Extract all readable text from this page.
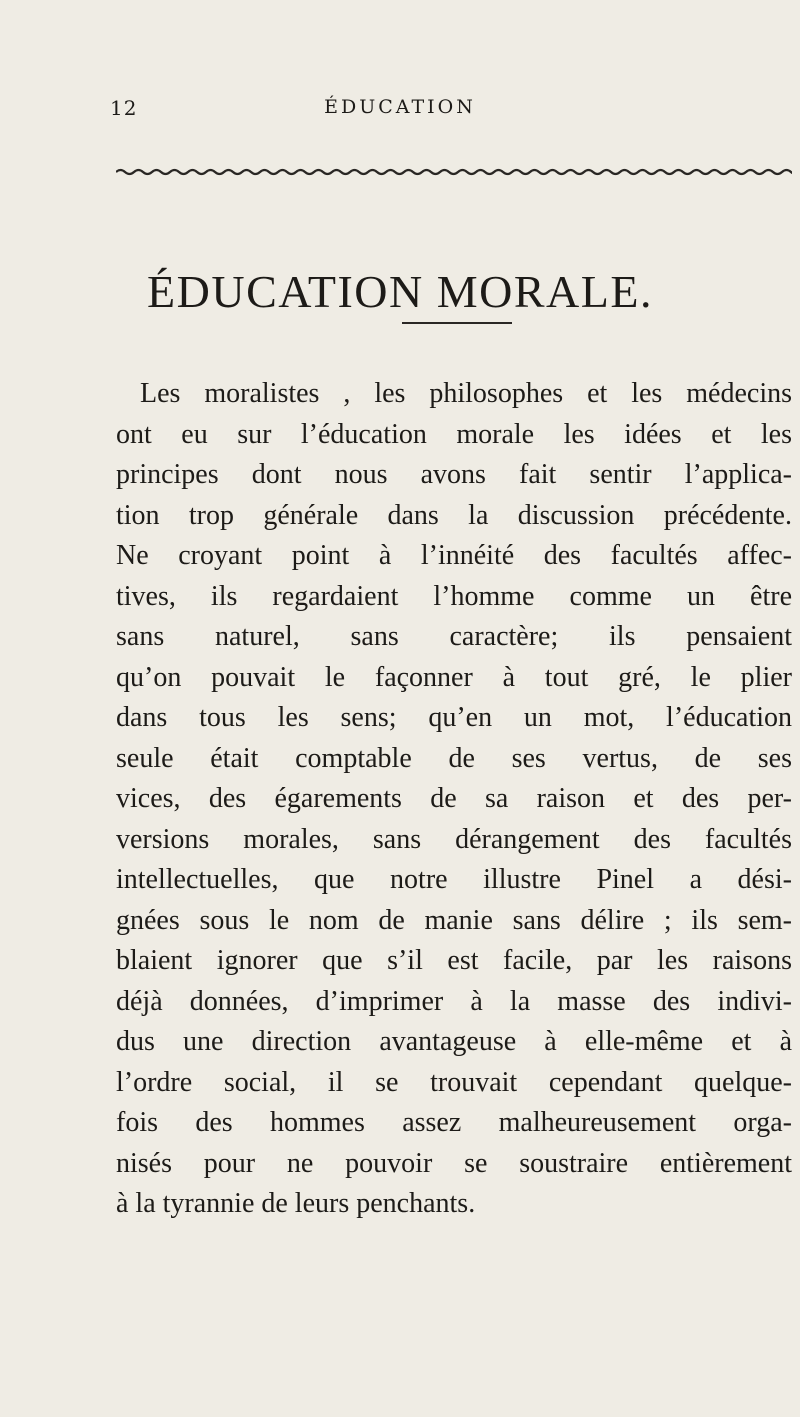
12	ÉDUCATION
ÉDUCATION MORALE.
Les moralistes , les philosophes et les médecins
ont eu sur l’éducation morale les idées et les
principes dont nous avons fait sentir l’applica-
tion trop générale dans la discussion précédente.
Ne croyant point à l’innéité des facultés affec-
tives, ils regardaient l’homme comme un être
sans naturel, sans caractère; ils pensaient
qu’on pouvait le façonner à tout gré, le plier
dans tous les sens; qu’en un mot, l’éducation
seule était comptable de ses vertus, de ses
vices, des égarements de sa raison et des per-
versions morales, sans dérangement des facultés
intellectuelles, que notre illustre Pinel a dési-
gnées sous le nom de manie sans délire ; ils sem-
blaient ignorer que s’il est facile, par les raisons
déjà données, d’imprimer à la masse des indivi-
dus une direction avantageuse à elle-même et à
l’ordre social, il se trouvait cependant quelque-
fois des hommes assez malheureusement orga-
nisés pour ne pouvoir se soustraire entièrement
à la tyrannie de leurs penchants.
